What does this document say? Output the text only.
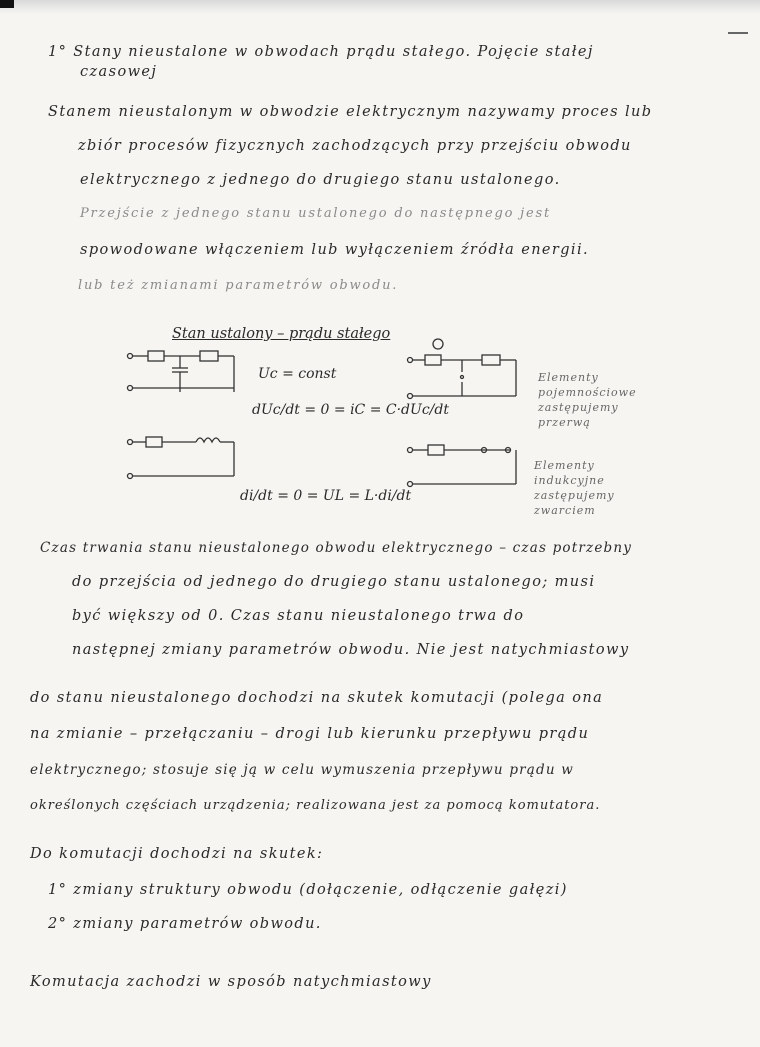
1° Stany nieustalone w obwodach prądu stałego. Pojęcie stałej
czasowej
Stanem nieustalonym w obwodzie elektrycznym nazywamy proces lub
zbiór procesów fizycznych zachodzących przy przejściu obwodu
elektrycznego z jednego do drugiego stanu ustalonego.
Przejście z jednego stanu ustalonego do następnego jest
spowodowane włączeniem lub wyłączeniem źródła energii.
lub też zmianami parametrów obwodu.
Stan ustalony – prądu stałego
Uc = const
dUc/dt = 0 = iC = C·dUc/dt
di/dt = 0 = UL = L·di/dt
Elementy
pojemnościowe
zastępujemy
przerwą
Elementy
indukcyjne
zastępujemy
zwarciem
Czas trwania stanu nieustalonego obwodu elektrycznego – czas potrzebny
do przejścia od jednego do drugiego stanu ustalonego; musi
być większy od 0. Czas stanu nieustalonego trwa do
następnej zmiany parametrów obwodu. Nie jest natychmiastowy
do stanu nieustalonego dochodzi na skutek komutacji (polega ona
na zmianie – przełączaniu – drogi lub kierunku przepływu prądu
elektrycznego; stosuje się ją w celu wymuszenia przepływu prądu w
określonych częściach urządzenia; realizowana jest za pomocą komutatora.
Do komutacji dochodzi na skutek:
1° zmiany struktury obwodu (dołączenie, odłączenie gałęzi)
2° zmiany parametrów obwodu.
Komutacja zachodzi w sposób natychmiastowy
